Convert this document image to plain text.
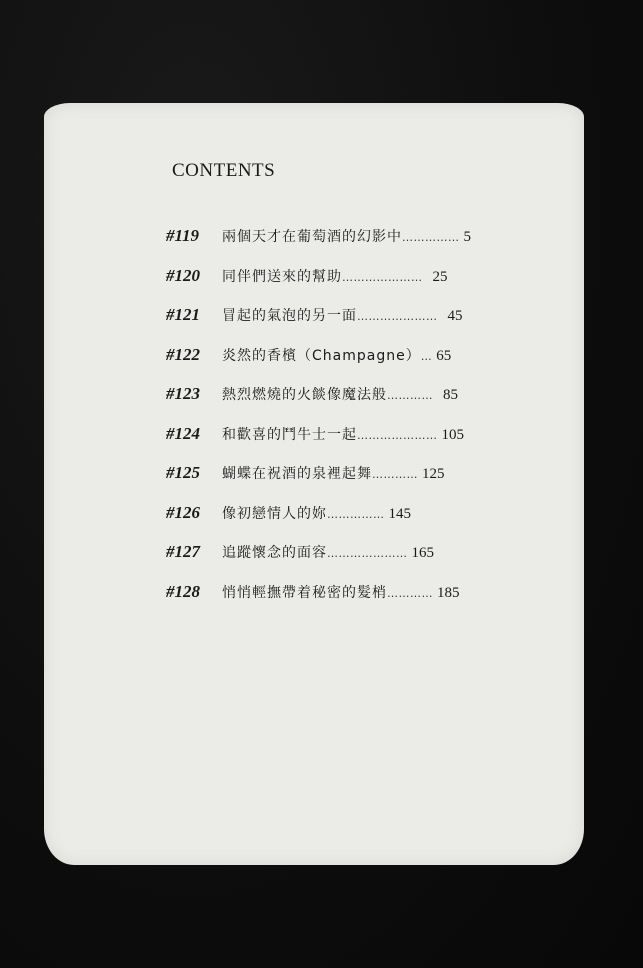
CONTENTS
#119	兩個天才在葡萄酒的幻影中 …………… 5
#120	同伴們送來的幫助 ………………… 25
#121	冒起的氣泡的另一面 ………………… 45
#122	炎然的香檳（Champagne） … 65
#123	熱烈燃燒的火餤像魔法般 ………… 85
#124	和歡喜的鬥牛士一起 ………………… 105
#125	蝴蝶在祝酒的泉裡起舞 ………… 125
#126	像初戀情人的妳 …………… 145
#127	追蹤懷念的面容 ………………… 165
#128	悄悄輕撫帶着秘密的髮梢 ………… 185
